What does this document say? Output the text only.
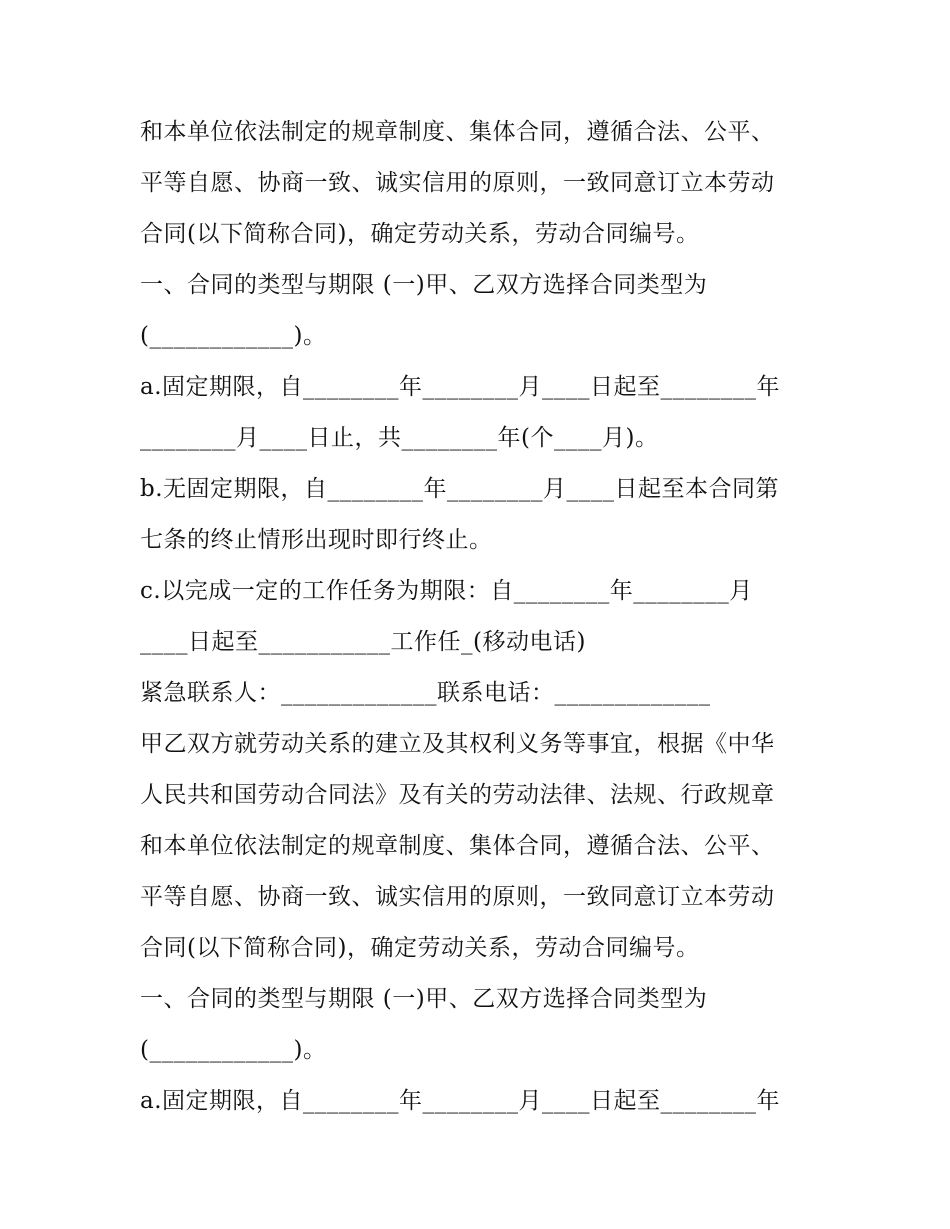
和本单位依法制定的规章制度、集体合同，遵循合法、公平、
平等自愿、协商一致、诚实信用的原则，一致同意订立本劳动
合同(以下简称合同)，确定劳动关系，劳动合同编号。
一、合同的类型与期限 (一)甲、乙双方选择合同类型为
(____________)。
a.固定期限，自________年________月____日起至________年
________月____日止，共________年(个____月)。
b.无固定期限，自________年________月____日起至本合同第
七条的终止情形出现时即行终止。
c.以完成一定的工作任务为期限：自________年________月
____日起至___________工作任_(移动电话)
紧急联系人：_____________联系电话：_____________
甲乙双方就劳动关系的建立及其权利义务等事宜，根据《中华
人民共和国劳动合同法》及有关的劳动法律、法规、行政规章
和本单位依法制定的规章制度、集体合同，遵循合法、公平、
平等自愿、协商一致、诚实信用的原则，一致同意订立本劳动
合同(以下简称合同)，确定劳动关系，劳动合同编号。
一、合同的类型与期限 (一)甲、乙双方选择合同类型为
(____________)。
a.固定期限，自________年________月____日起至________年
